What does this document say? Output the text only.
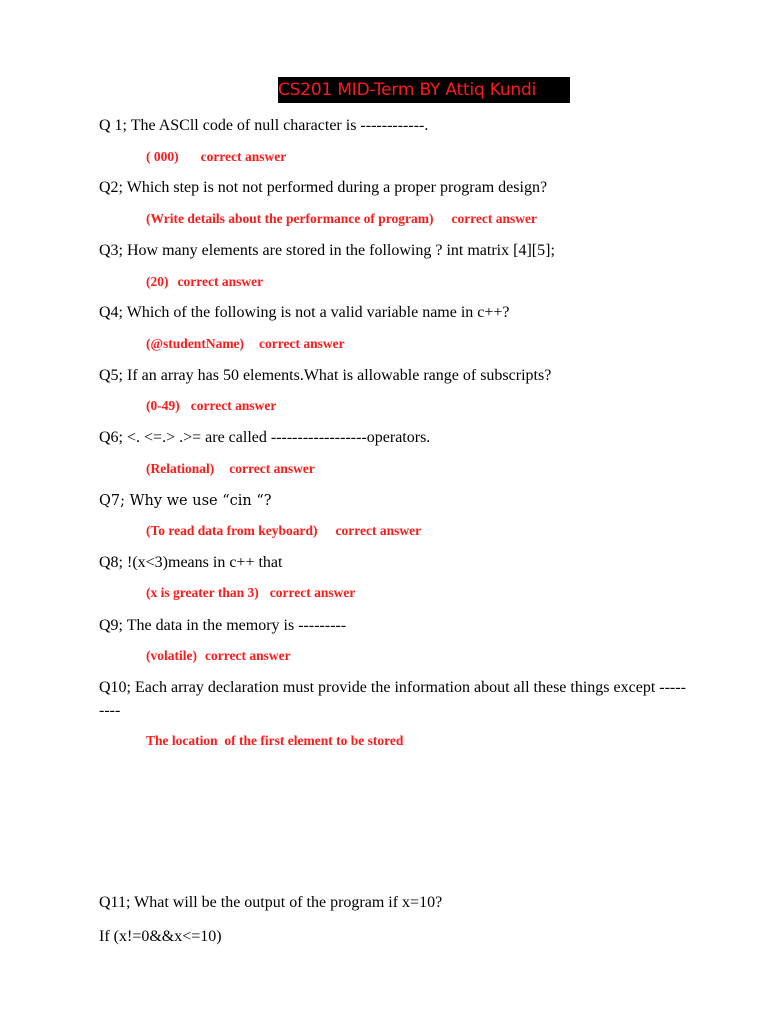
CS201 MID-Term BY Attiq Kundi
Q 1; The ASCll code of null character is ------------.
( 000) correct answer
Q2; Which step is not not performed during a proper program design?
(Write details about the performance of program) correct answer
Q3; How many elements are stored in the following ? int matrix [4][5];
(20) correct answer
Q4; Which of the following is not a valid variable name in c++?
(@studentName) correct answer
Q5; If an array has 50 elements.What is allowable range of subscripts?
(0-49) correct answer
Q6; <. <=.> .>= are called ------------------operators.
(Relational) correct answer
Q7; Why we use “cin “?
(To read data from keyboard) correct answer
Q8; !(x<3)means in c++ that
(x is greater than 3) correct answer
Q9; The data in the memory is ---------
(volatile) correct answer
Q10; Each array declaration must provide the information about all these things except -----
----
The location  of the first element to be stored
Q11; What will be the output of the program if x=10?
If (x!=0&&x<=10)
